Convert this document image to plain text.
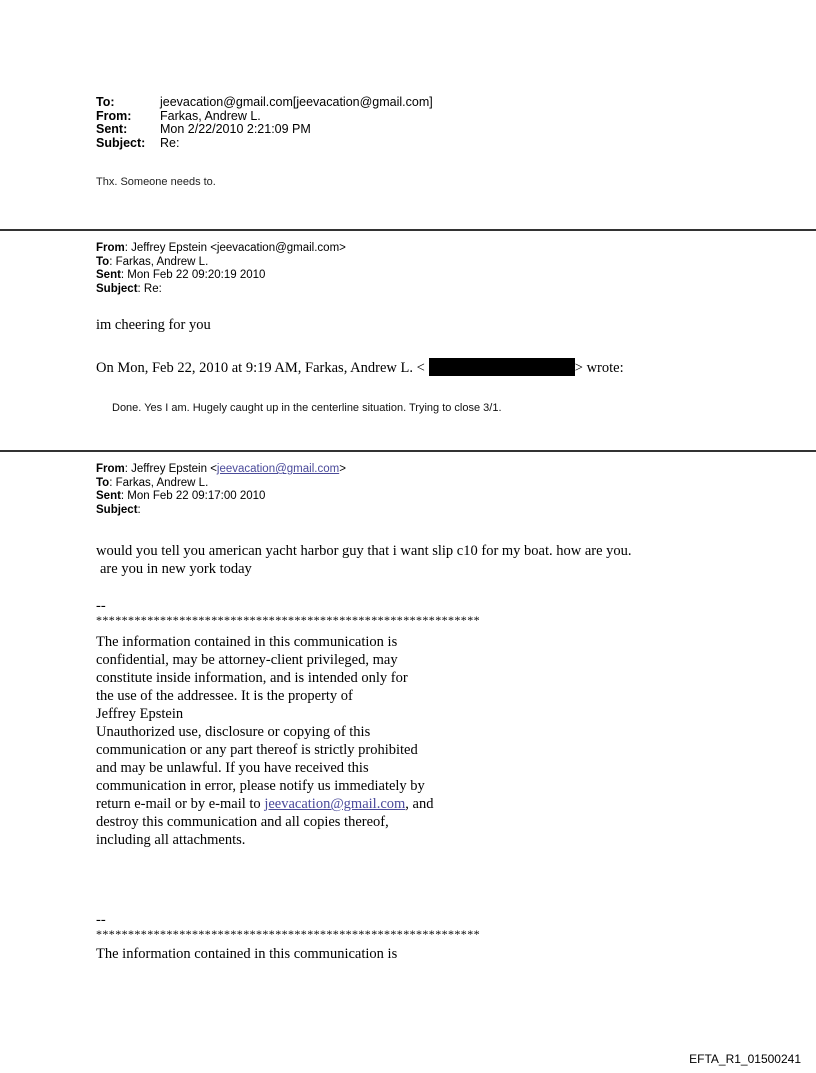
To:	jeevacation@gmail.com[jeevacation@gmail.com]
From:	Farkas, Andrew L.
Sent:	Mon 2/22/2010 2:21:09 PM
Subject:	Re:
Thx. Someone needs to.
From: Jeffrey Epstein <jeevacation@gmail.com>
To: Farkas, Andrew L.
Sent: Mon Feb 22 09:20:19 2010
Subject: Re:
im cheering for you
On Mon, Feb 22, 2010 at 9:19 AM, Farkas, Andrew L. <	> wrote:
Done. Yes I am. Hugely caught up in the centerline situation. Trying to close 3/1.
From: Jeffrey Epstein <jeevacation@gmail.com>
To: Farkas, Andrew L.
Sent: Mon Feb 22 09:17:00 2010
Subject:
would you tell you american yacht harbor guy that i want slip c10 for my boat. how are you.
are you in new york today
--
************************************************************
The information contained in this communication is
confidential, may be attorney-client privileged, may
constitute inside information, and is intended only for
the use of the addressee. It is the property of
Jeffrey Epstein
Unauthorized use, disclosure or copying of this
communication or any part thereof is strictly prohibited
and may be unlawful. If you have received this
communication in error, please notify us immediately by
return e-mail or by e-mail to jeevacation@gmail.com, and
destroy this communication and all copies thereof,
including all attachments.
--
************************************************************
The information contained in this communication is
EFTA_R1_01500241
